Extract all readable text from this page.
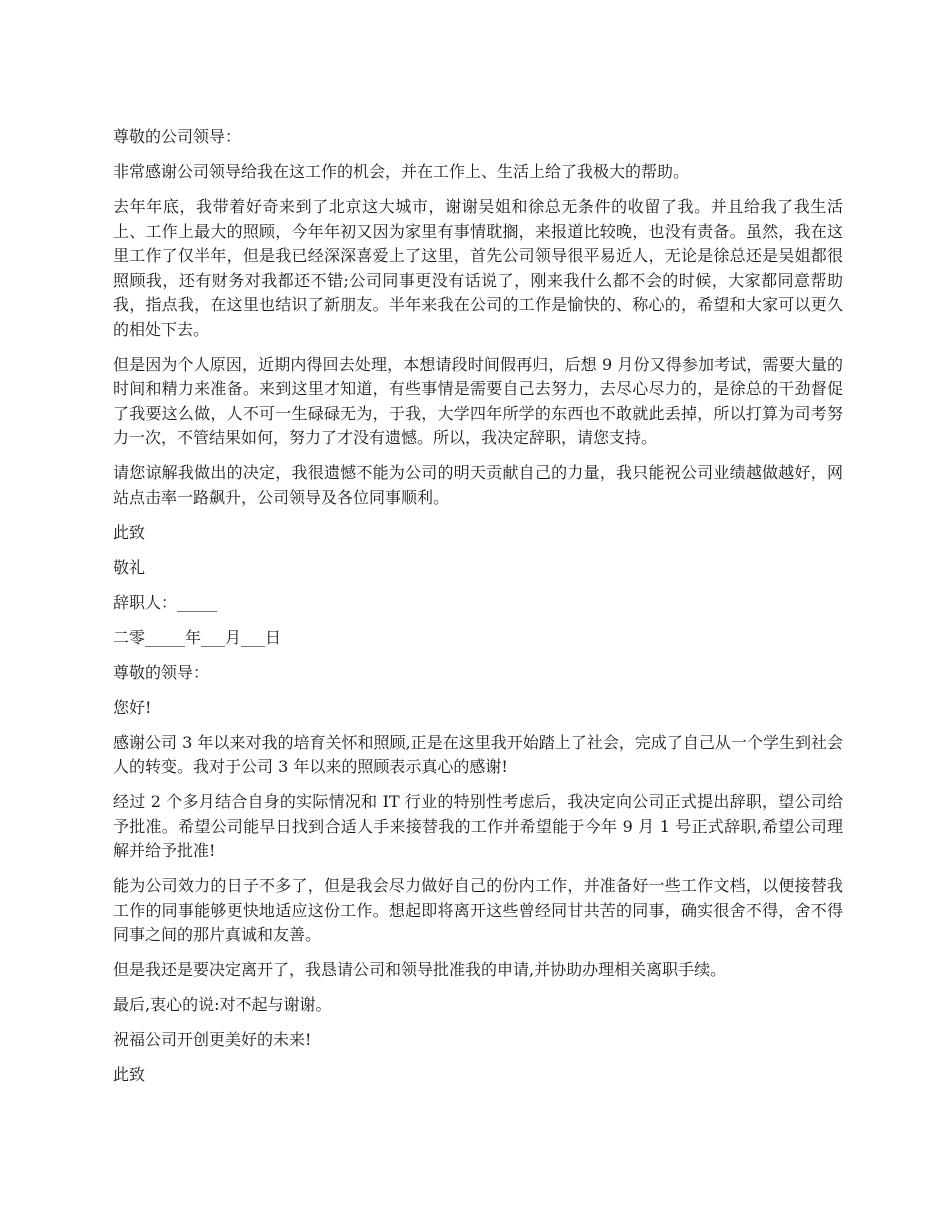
尊敬的公司领导：

非常感谢公司领导给我在这工作的机会，并在工作上、生活上给了我极大的帮助。

去年年底，我带着好奇来到了北京这大城市，谢谢吴姐和徐总无条件的收留了我。并且给我了我生活上、工作上最大的照顾，今年年初又因为家里有事情耽搁，来报道比较晚，也没有责备。虽然，我在这里工作了仅半年，但是我已经深深喜爱上了这里，首先公司领导很平易近人，无论是徐总还是吴姐都很照顾我，还有财务对我都还不错;公司同事更没有话说了，刚来我什么都不会的时候，大家都同意帮助我，指点我，在这里也结识了新朋友。半年来我在公司的工作是愉快的、称心的，希望和大家可以更久的相处下去。

但是因为个人原因，近期内得回去处理，本想请段时间假再归，后想 9 月份又得参加考试，需要大量的时间和精力来准备。来到这里才知道，有些事情是需要自己去努力，去尽心尽力的，是徐总的干劲督促了我要这么做，人不可一生碌碌无为，于我，大学四年所学的东西也不敢就此丢掉，所以打算为司考努力一次，不管结果如何，努力了才没有遗憾。所以，我决定辞职，请您支持。

请您谅解我做出的决定，我很遗憾不能为公司的明天贡献自己的力量，我只能祝公司业绩越做越好，网站点击率一路飙升，公司领导及各位同事顺利。

此致

敬礼

辞职人：_____

二零_____年___月___日

尊敬的领导：

您好!

感谢公司 3 年以来对我的培育关怀和照顾,正是在这里我开始踏上了社会，完成了自己从一个学生到社会人的转变。我对于公司 3 年以来的照顾表示真心的感谢!

经过 2 个多月结合自身的实际情况和 IT 行业的特别性考虑后，我决定向公司正式提出辞职，望公司给予批准。希望公司能早日找到合适人手来接替我的工作并希望能于今年 9 月 1 号正式辞职,希望公司理解并给予批准!

能为公司效力的日子不多了，但是我会尽力做好自己的份内工作，并准备好一些工作文档，以便接替我工作的同事能够更快地适应这份工作。想起即将离开这些曾经同甘共苦的同事，确实很舍不得，舍不得同事之间的那片真诚和友善。

但是我还是要决定离开了，我恳请公司和领导批准我的申请,并协助办理相关离职手续。

最后,衷心的说:对不起与谢谢。

祝福公司开创更美好的未来!

此致
